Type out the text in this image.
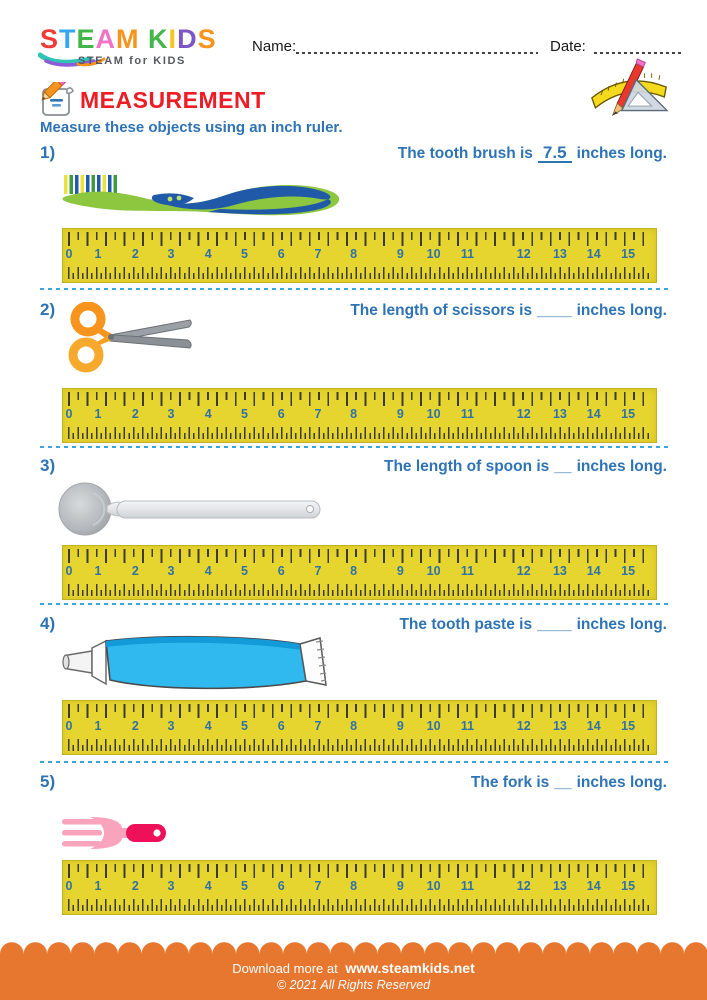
STEAM KIDS
STEAM for KIDS
Name:	Date:
MEASUREMENT
Measure these objects using an inch ruler.
1)	The tooth brush is 7.5 inches long.
0 1 2 3 4 5 6 7 8	9 10 11	12 13 14 15
2)	The length of scissors is ____ inches long.
0 1 2 3 4 5 6 7 8	9 10 11	12 13 14 15
3)	The length of spoon is __ inches long.
0 1 2 3 4 5 6 7 8	9 10 11	12 13 14 15
4)	The tooth paste is ____ inches long.
0 1 2 3 4 5 6 7 8	9 10 11	12 13 14 15
5)	The fork is __ inches long.
0 1 2 3 4 5 6 7 8	9 10 11	12 13 14 15
Download more at www.steamkids.net
© 2021 All Rights Reserved
